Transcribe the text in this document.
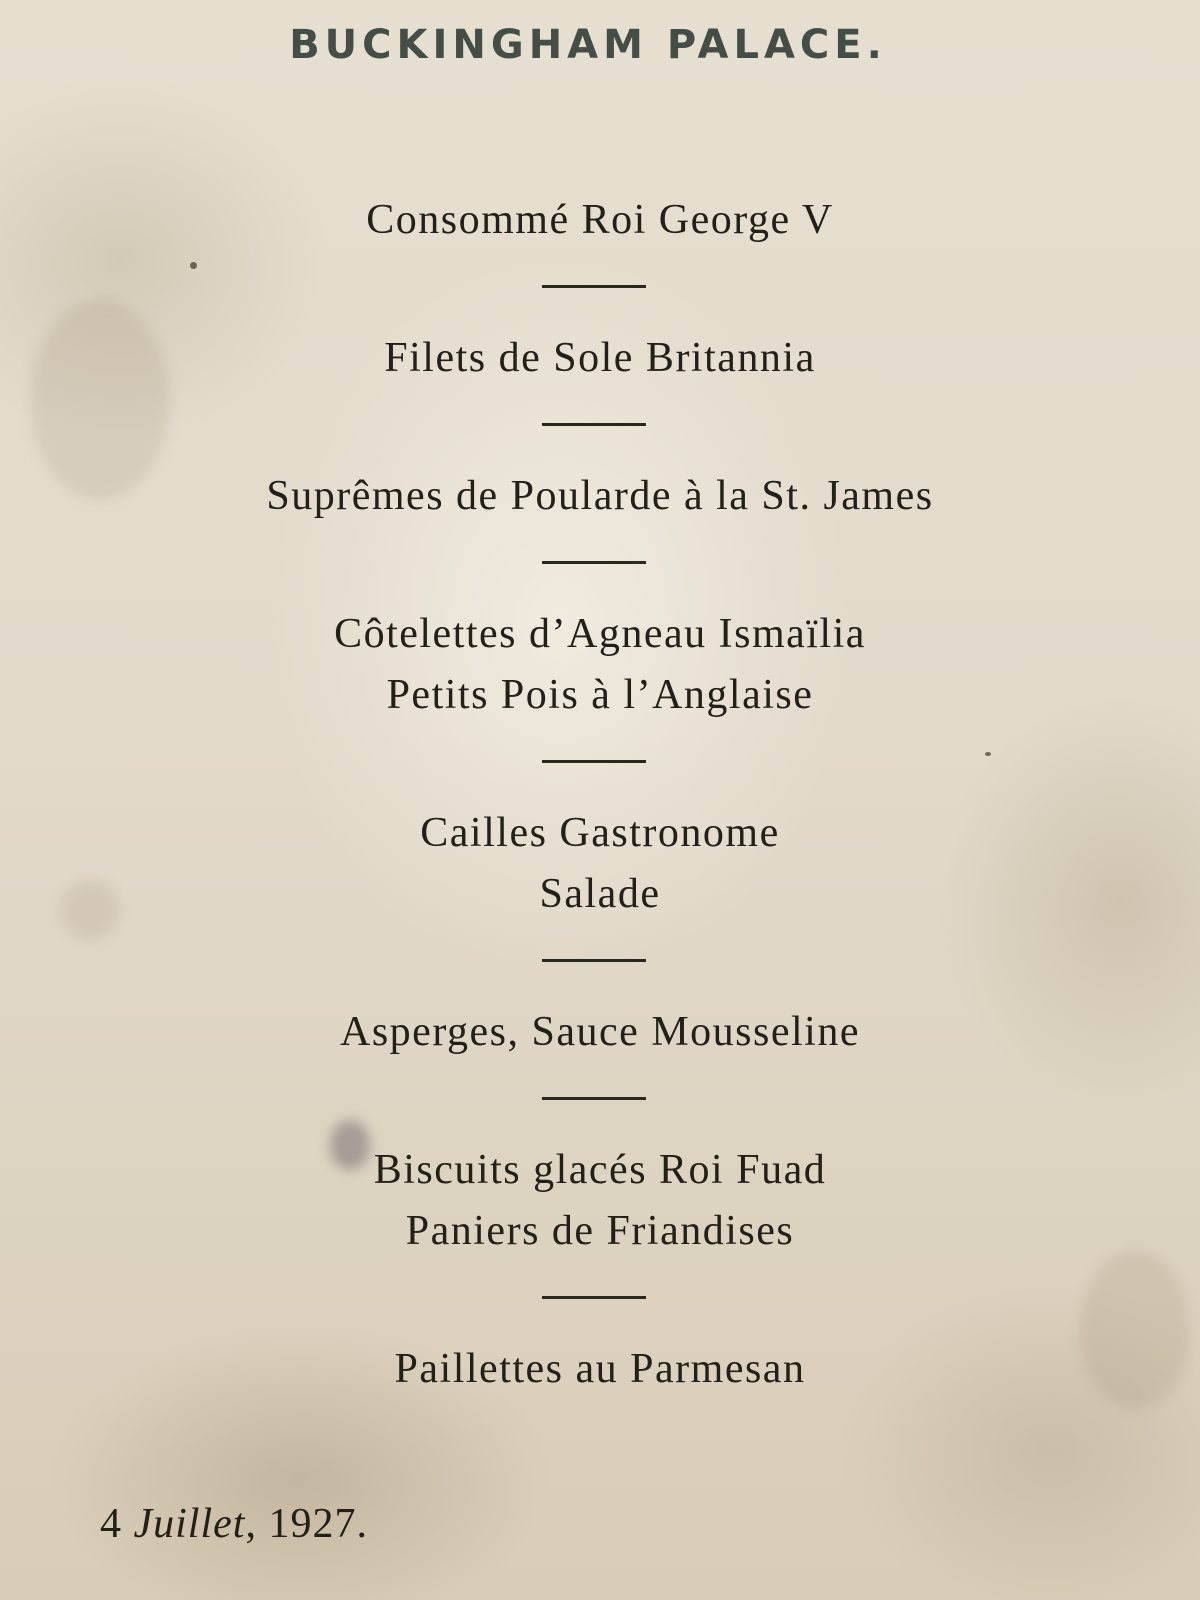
BUCKINGHAM PALACE.
Consommé Roi George V
Filets de Sole Britannia
Suprêmes de Poularde à la St. James
Côtelettes d’Agneau Ismaïlia
Petits Pois à l’Anglaise
Cailles Gastronome
Salade
Asperges, Sauce Mousseline
Biscuits glacés Roi Fuad
Paniers de Friandises
Paillettes au Parmesan
4 Juillet, 1927.
